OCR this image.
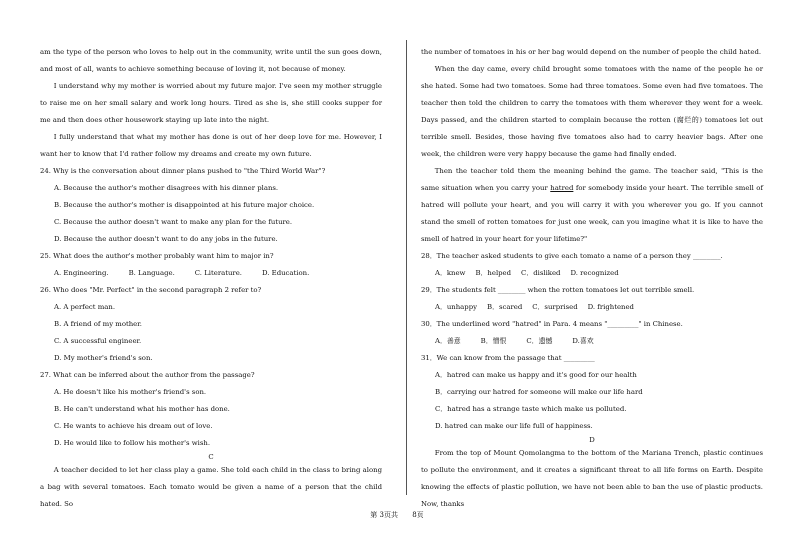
am the type of the person who loves to help out in the community, write until the sun goes down, and most of all, wants to achieve something because of loving it, not because of money.

I understand why my mother is worried about my future major. I've seen my mother struggle to raise me on her small salary and work long hours. Tired as she is, she still cooks supper for me and then does other housework staying up late into the night.

I fully understand that what my mother has done is out of her deep love for me. However, I want her to know that I'd rather follow my dreams and create my own future.

24. Why is the conversation about dinner plans pushed to "the Third World War"?

A. Because the author's mother disagrees with his dinner plans.

B. Because the author's mother is disappointed at his future major choice.

C. Because the author doesn't want to make any plan for the future.

D. Because the author doesn't want to do any jobs in the future.

25. What does the author's mother probably want him to major in?

A. Engineering.	B. Language.	C. Literature.	D. Education.

26. Who does "Mr. Perfect" in the second paragraph 2 refer to?

A. A perfect man.

B. A friend of my mother.

C. A successful engineer.

D. My mother's friend's son.

27. What can be inferred about the author from the passage?

A. He doesn't like his mother's friend's son.

B. He can't understand what his mother has done.

C. He wants to achieve his dream out of love.

D. He would like to follow his mother's wish.

C

A teacher decided to let her class play a game. She told each child in the class to bring along a bag with several tomatoes. Each tomato would be given a name of a person that the child hated. So

the number of tomatoes in his or her bag would depend on the number of people the child hated.

When the day came, every child brought some tomatoes with the name of the people he or she hated. Some had two tomatoes. Some had three tomatoes. Some even had five tomatoes. The teacher then told the children to carry the tomatoes with them wherever they went for a week. Days passed, and the children started to complain because the rotten (腐烂的) tomatoes let out terrible smell. Besides, those having five tomatoes also had to carry heavier bags. After one week, the children were very happy because the game had finally ended.

Then the teacher told them the meaning behind the game. The teacher said, "This is the same situation when you carry your hatred for somebody inside your heart. The terrible smell of hatred will pollute your heart, and you will carry it with you wherever you go. If you cannot stand the smell of rotten tomatoes for just one week, can you imagine what it is like to have the smell of hatred in your heart for your lifetime?"

28．The teacher asked students to give each tomato a name of a person they ________.

A．knew B．helped C．disliked D. recognized

29．The students felt ________ when the rotten tomatoes let out terrible smell.

A．unhappy B．scared C．surprised D. frightened

30．The underlined word "hatred" in Para. 4 means "_________" in Chinese.

A．善意	B．憎恨	C．遗憾	D.喜欢

31．We can know from the passage that _________

A．hatred can make us happy and it's good for our health

B．carrying our hatred for someone will make our life hard

C．hatred has a strange taste which make us polluted.

D. hatred can make our life full of happiness.

D

From the top of Mount Qomolangma to the bottom of the Mariana Trench, plastic continues to pollute the environment, and it creates a significant threat to all life forms on Earth. Despite knowing the effects of plastic pollution, we have not been able to ban the use of plastic products. Now, thanks

第 3页共 8页
